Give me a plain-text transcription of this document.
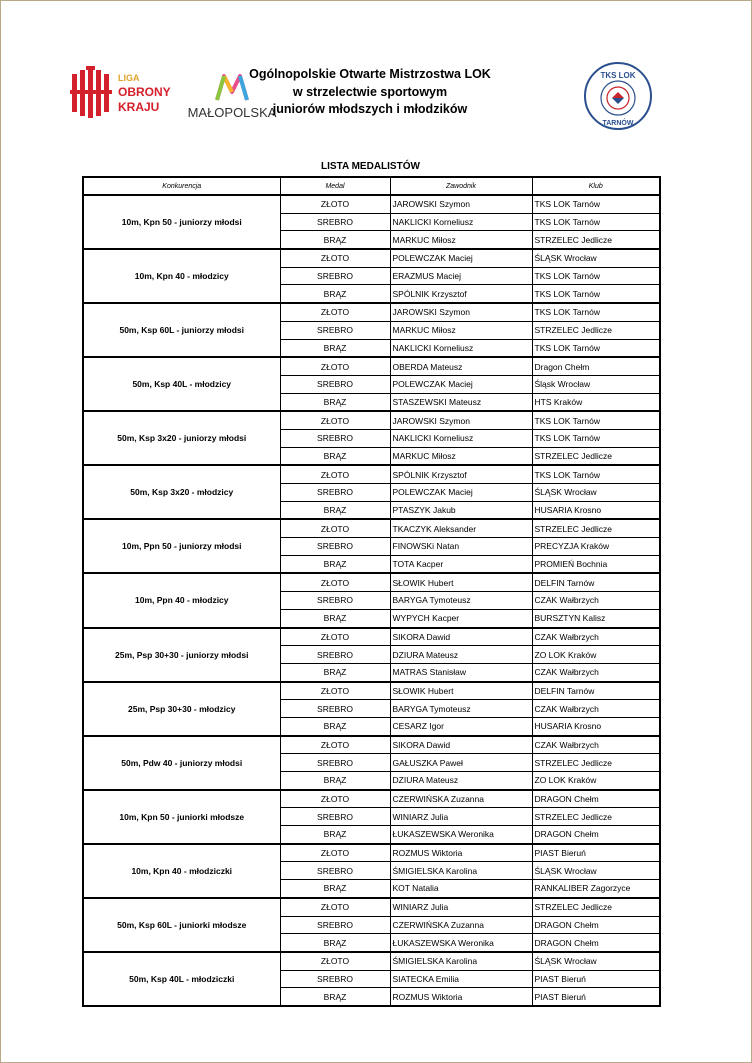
LIGA
OBRONY
KRAJU MAŁOPOLSKA
TKS LOK
TARNÓW
Ogólnopolskie Otwarte Mistrzostwa LOK
w strzelectwie sportowym
juniorów młodszych i młodzików
LISTA MEDALISTÓW
Konkurencja	Medal	Zawodnik	Klub
10m, Kpn 50 - juniorzy młodsi	ZŁOTO	JAROWSKI Szymon	TKS LOK Tarnów
	SREBRO	NAKLICKI Korneliusz	TKS LOK Tarnów
	BRĄZ	MARKUC Miłosz	STRZELEC Jedlicze
10m, Kpn 40 - młodzicy	ZŁOTO	POLEWCZAK Maciej	ŚLĄSK Wrocław
	SREBRO	ERAZMUS Maciej	TKS LOK Tarnów
	BRĄZ	SPÓLNIK Krzysztof	TKS LOK Tarnów
50m, Ksp 60L - juniorzy młodsi	ZŁOTO	JAROWSKI Szymon	TKS LOK Tarnów
	SREBRO	MARKUC Miłosz	STRZELEC Jedlicze
	BRĄZ	NAKLICKI Korneliusz	TKS LOK Tarnów
50m, Ksp 40L - młodzicy	ZŁOTO	OBERDA Mateusz	Dragon Chełm
	SREBRO	POLEWCZAK Maciej	Śląsk Wrocław
	BRĄZ	STASZEWSKI Mateusz	HTS Kraków
50m, Ksp 3x20 - juniorzy młodsi	ZŁOTO	JAROWSKI Szymon	TKS LOK Tarnów
	SREBRO	NAKLICKI Korneliusz	TKS LOK Tarnów
	BRĄZ	MARKUC Miłosz	STRZELEC Jedlicze
50m, Ksp 3x20 - młodzicy	ZŁOTO	SPÓLNIK Krzysztof	TKS LOK Tarnów
	SREBRO	POLEWCZAK Maciej	ŚLĄSK Wrocław
	BRĄZ	PTASZYK Jakub	HUSARIA Krosno
10m, Ppn 50 - juniorzy młodsi	ZŁOTO	TKACZYK Aleksander	STRZELEC Jedlicze
	SREBRO	FINOWSKi Natan	PRECYZJA Kraków
	BRĄZ	TOTA Kacper	PROMIEŃ Bochnia
10m, Ppn 40 - młodzicy	ZŁOTO	SŁOWIK Hubert	DELFIN Tarnów
	SREBRO	BARYGA Tymoteusz	CZAK Wałbrzych
	BRĄZ	WYPYCH Kacper	BURSZTYN Kalisz
25m, Psp 30+30 - juniorzy młodsi	ZŁOTO	SIKORA Dawid	CZAK Wałbrzych
	SREBRO	DZIURA Mateusz	ZO LOK Kraków
	BRĄZ	MATRAS Stanisław	CZAK Wałbrzych
25m, Psp 30+30 - młodzicy	ZŁOTO	SŁOWIK Hubert	DELFIN Tarnów
	SREBRO	BARYGA Tymoteusz	CZAK Wałbrzych
	BRĄZ	CESARZ Igor	HUSARIA Krosno
50m, Pdw 40 - juniorzy młodsi	ZŁOTO	SIKORA Dawid	CZAK Wałbrzych
	SREBRO	GAŁUSZKA Paweł	STRZELEC Jedlicze
	BRĄZ	DZIURA Mateusz	ZO LOK Kraków
10m, Kpn 50 - juniorki młodsze	ZŁOTO	CZERWIŃSKA Zuzanna	DRAGON Chełm
	SREBRO	WINIARZ Julia	STRZELEC Jedlicze
	BRĄZ	ŁUKASZEWSKA Weronika	DRAGON Chełm
10m, Kpn 40 - młodziczki	ZŁOTO	ROZMUS Wiktoria	PIAST Bieruń
	SREBRO	ŚMIGIELSKA Karolina	ŚLĄSK Wrocław
	BRĄZ	KOT Natalia	RANKALIBER Zagorzyce
50m, Ksp 60L - juniorki młodsze	ZŁOTO	WINIARZ Julia	STRZELEC Jedlicze
	SREBRO	CZERWIŃSKA Zuzanna	DRAGON Chełm
	BRĄZ	ŁUKASZEWSKA Weronika	DRAGON Chełm
50m, Ksp 40L - młodziczki	ZŁOTO	ŚMIGIELSKA Karolina	ŚLĄSK Wrocław
	SREBRO	SIATECKA Emilia	PIAST Bieruń
	BRĄZ	ROZMUS Wiktoria	PIAST Bieruń
